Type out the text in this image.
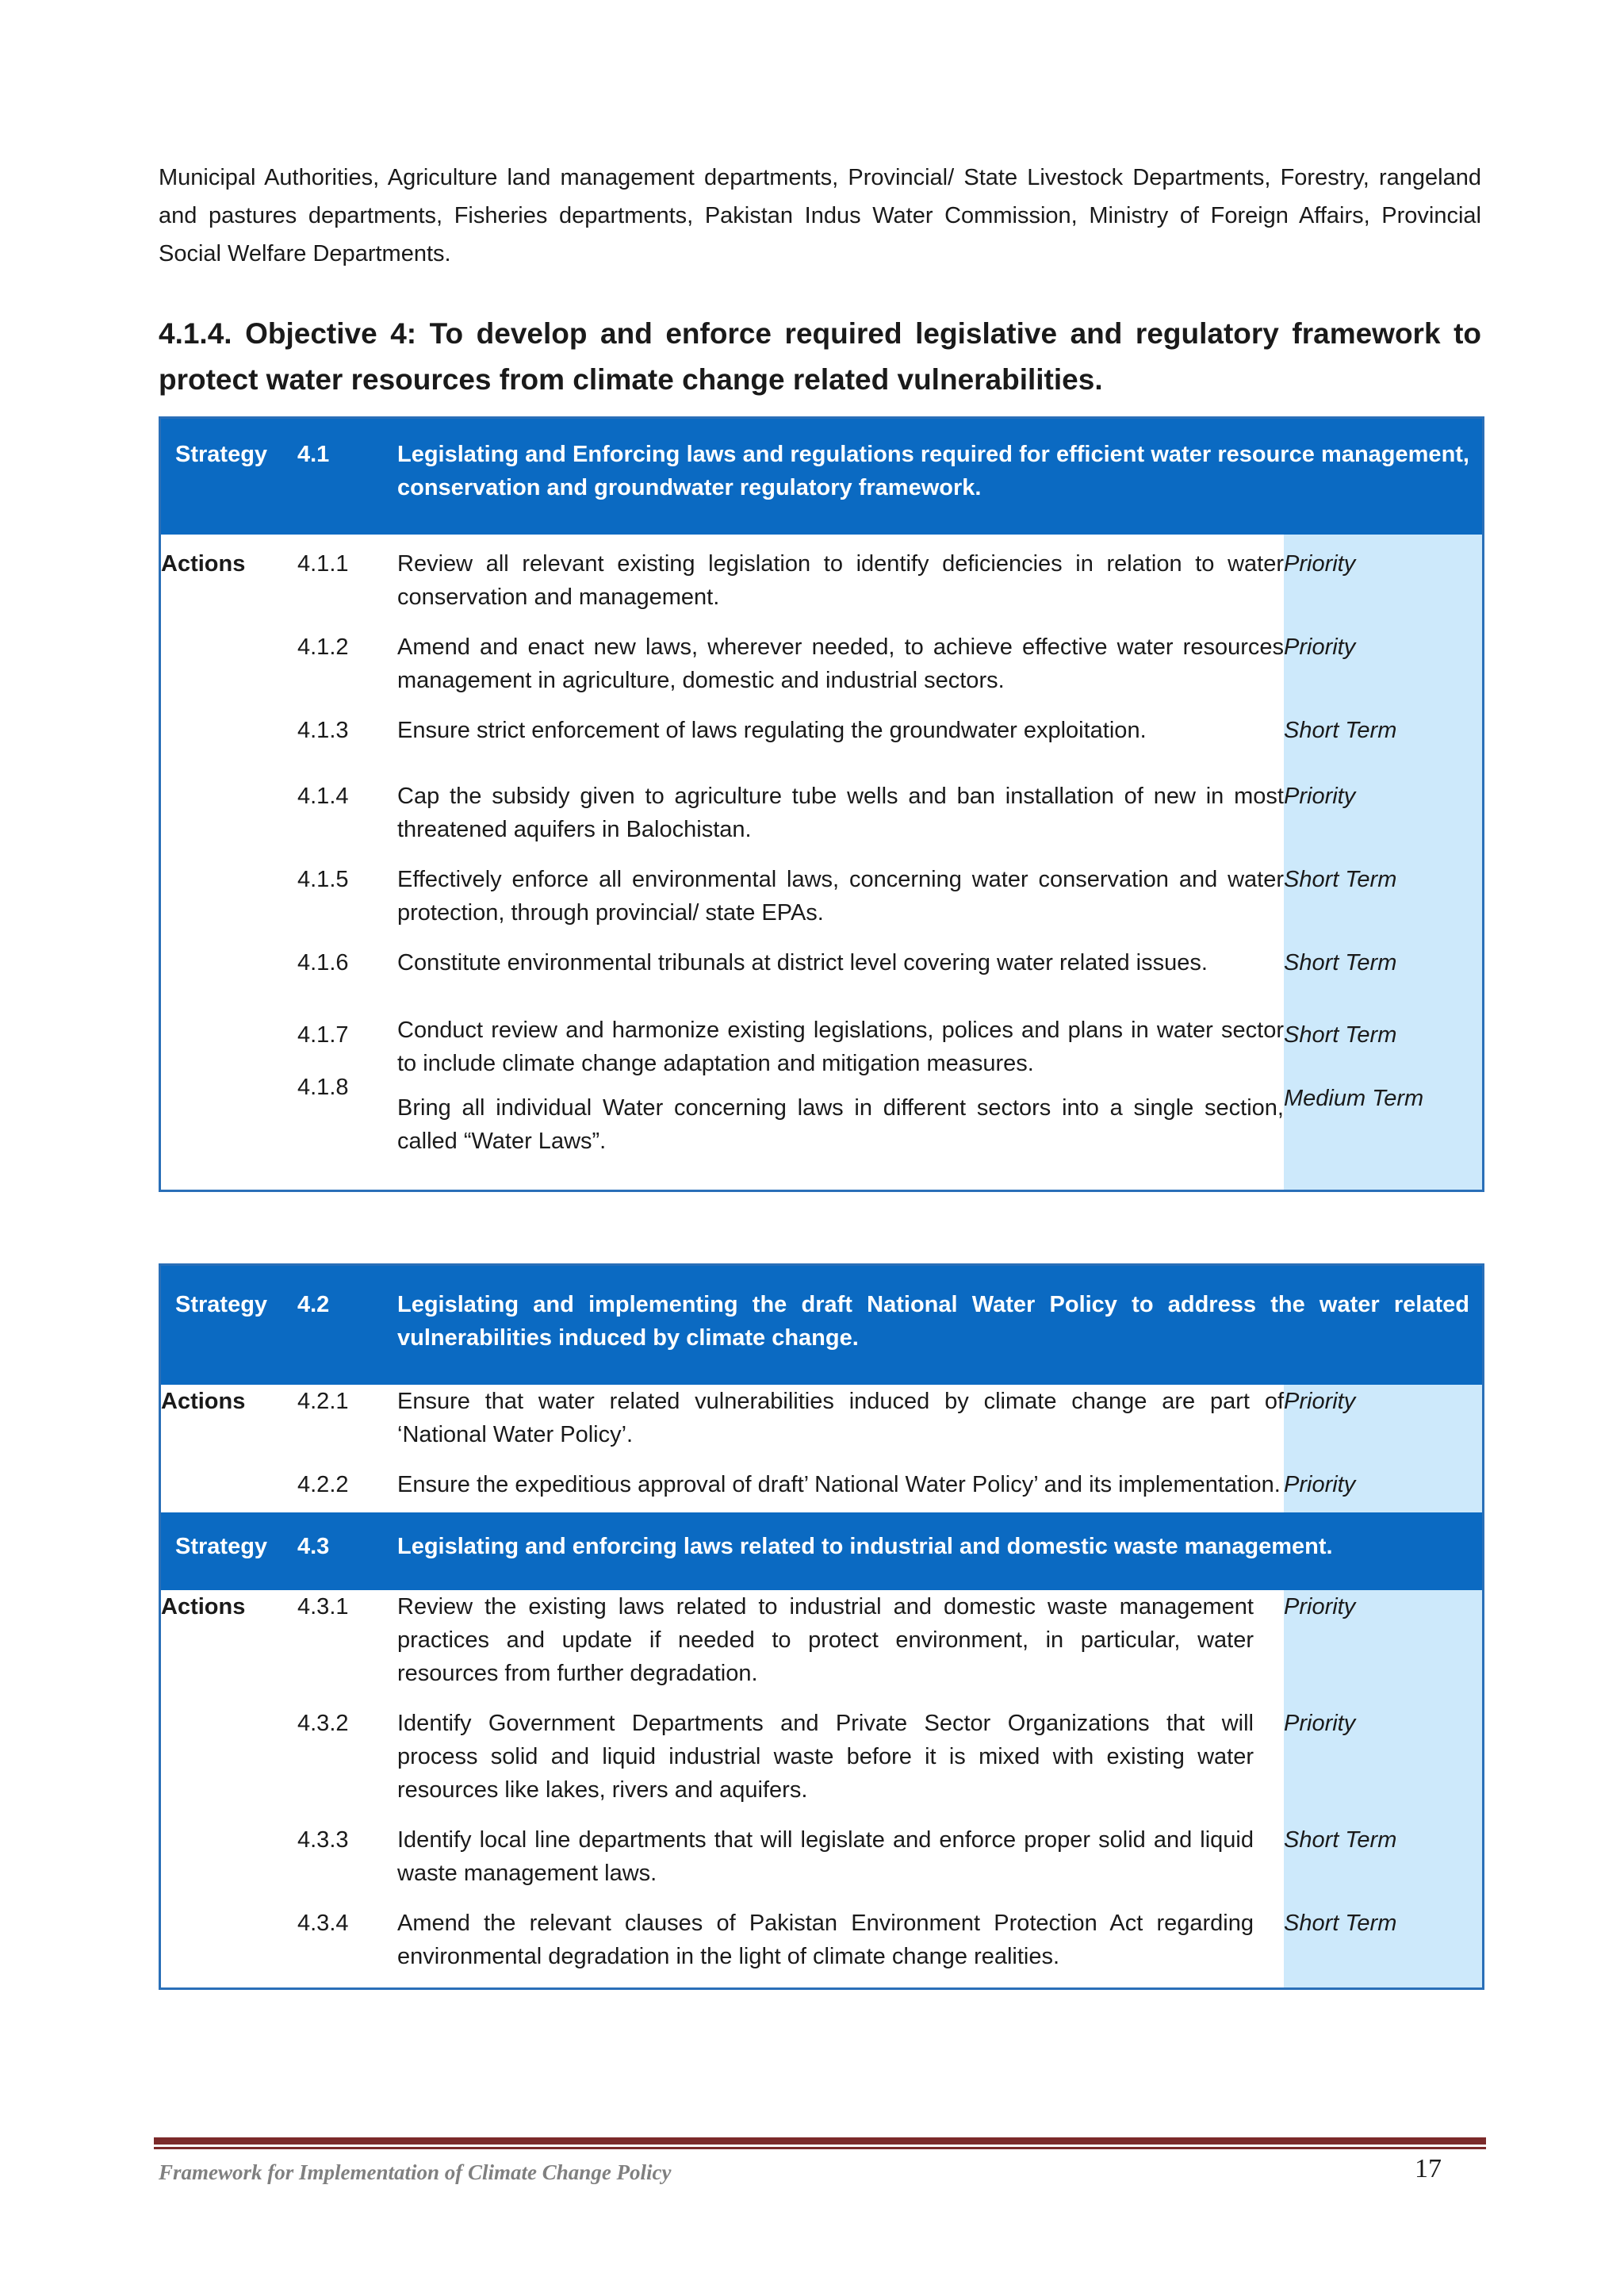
Municipal Authorities, Agriculture land management departments, Provincial/ State Livestock Departments, Forestry, rangeland and pastures departments, Fisheries departments, Pakistan Indus Water Commission, Ministry of Foreign Affairs, Provincial Social Welfare Departments.
4.1.4. Objective 4: To develop and enforce required legislative and regulatory framework to protect water resources from climate change related vulnerabilities.
Strategy	4.1	Legislating and Enforcing laws and regulations required for efficient water resource management, conservation and groundwater regulatory framework.	
Actions	4.1.1	Review all relevant existing legislation to identify deficiencies in relation to water conservation and management.	Priority
	4.1.2	Amend and enact new laws, wherever needed, to achieve effective water resources management in agriculture, domestic and industrial sectors.	Priority
	4.1.3	Ensure strict enforcement of laws regulating the groundwater exploitation.	Short Term
	4.1.4	Cap the subsidy given to agriculture tube wells and ban installation of new in most threatened aquifers in Balochistan.	Priority
	4.1.5	Effectively enforce all environmental laws, concerning water conservation and water protection, through provincial/ state EPAs.	Short Term
	4.1.6	Constitute environmental tribunals at district level covering water related issues.	Short Term
	4.1.7	Conduct review and harmonize existing legislations, polices and plans in water sector to include climate change adaptation and mitigation measures.	Short Term
	4.1.8	Bring all individual Water concerning laws in different sectors into a single section, called “Water Laws”.	Medium Term
Strategy	4.2	Legislating and implementing the draft National Water Policy to address the water related vulnerabilities induced by climate change.	
Actions	4.2.1	Ensure that water related vulnerabilities induced by climate change are part of ‘National Water Policy’.	Priority
	4.2.2	Ensure the expeditious approval of draft’ National Water Policy’ and its implementation.	Priority
Strategy	4.3	Legislating and enforcing laws related to industrial and domestic waste management.	
Actions	4.3.1	Review the existing laws related to industrial and domestic waste management practices and update if needed to protect environment, in particular, water resources from further degradation.	Priority
	4.3.2	Identify Government Departments and Private Sector Organizations that will process solid and liquid industrial waste before it is mixed with existing water resources like lakes, rivers and aquifers.	Priority
	4.3.3	Identify local line departments that will legislate and enforce proper solid and liquid waste management laws.	Short Term
	4.3.4	Amend the relevant clauses of Pakistan Environment Protection Act regarding environmental degradation in the light of climate change realities.	Short Term
Framework for Implementation of Climate Change Policy	17
